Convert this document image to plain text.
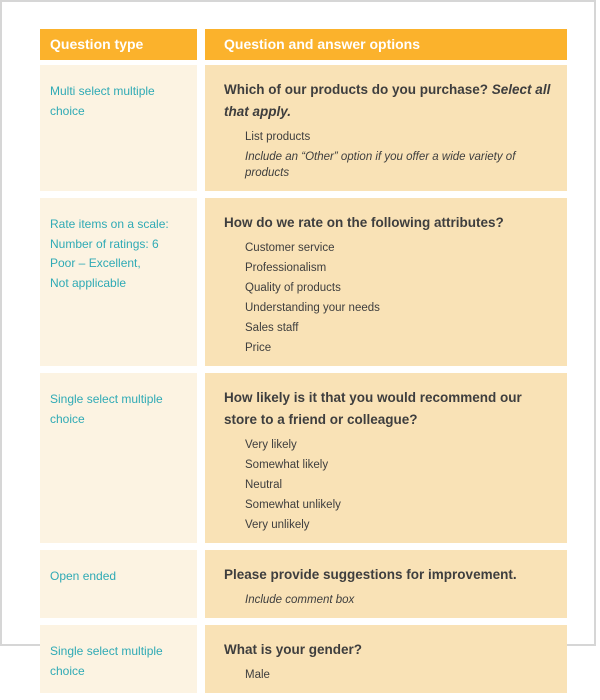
Question type	Question and answer options
Multi select multiple choice
Which of our products do you purchase? Select all that apply.
List products
Include an “Other” option if you offer a wide variety of products
Rate items on a scale:
Number of ratings: 6
Poor – Excellent,
Not applicable
How do we rate on the following attributes?
Customer service
Professionalism
Quality of products
Understanding your needs
Sales staff
Price
Single select multiple choice
How likely is it that you would recommend our store to a friend or colleague?
Very likely
Somewhat likely
Neutral
Somewhat unlikely
Very unlikely
Open ended	Please provide suggestions for improvement.
Include comment box
Single select multiple choice
What is your gender?
Male
